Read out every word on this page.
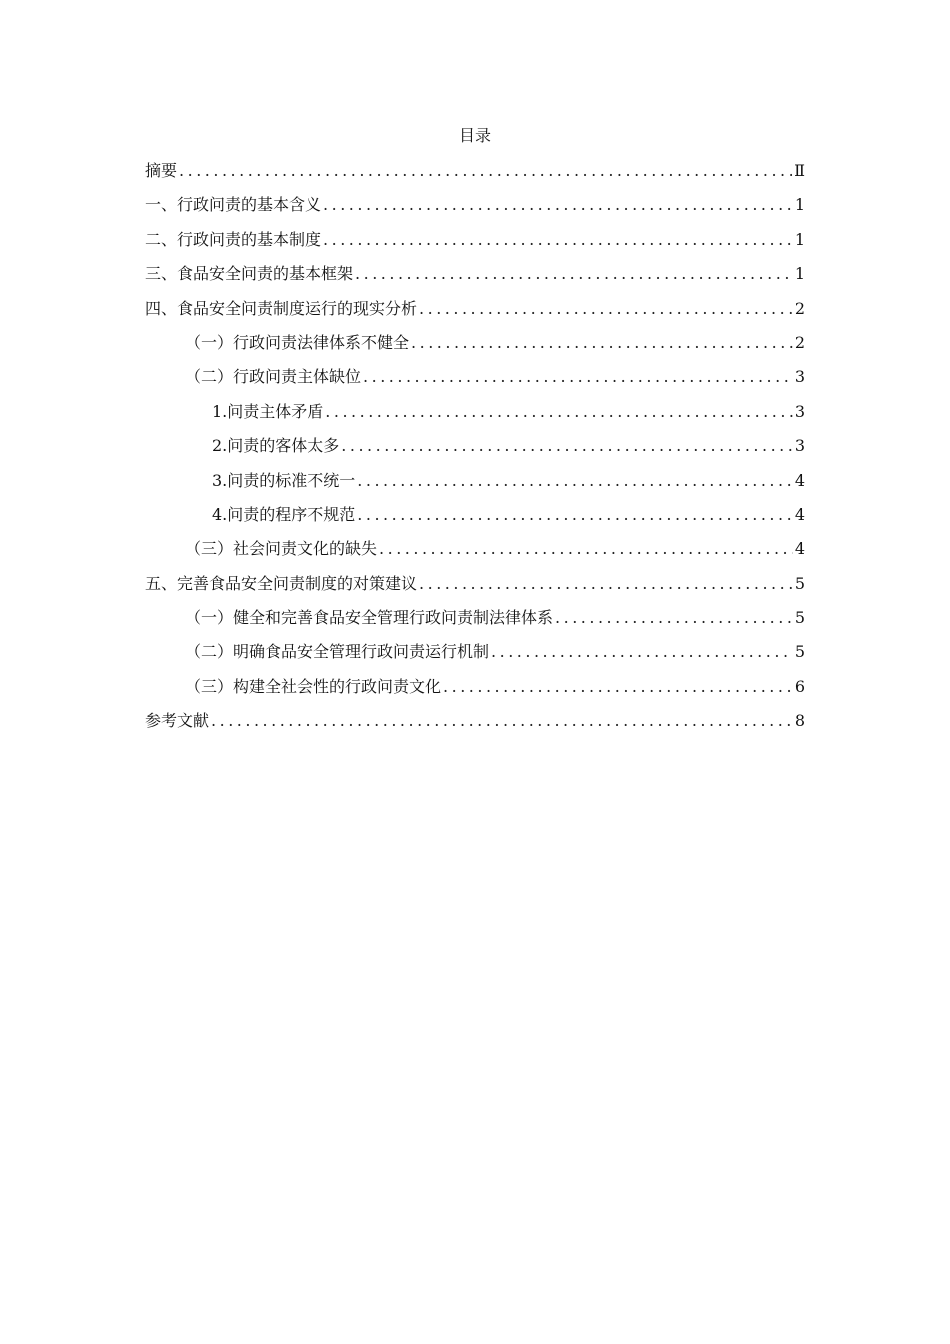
目录
摘要 .....	Ⅱ
一、行政问责的基本含义 .....	1
二、行政问责的基本制度 .....	1
三、食品安全问责的基本框架 .....	1
四、食品安全问责制度运行的现实分析 .....	2
（一）行政问责法律体系不健全 .....	2
（二）行政问责主体缺位 .....	3
1.问责主体矛盾 .....	3
2.问责的客体太多 .....	3
3.问责的标准不统一 .....	4
4.问责的程序不规范 .....	4
（三）社会问责文化的缺失 .....	4
五、完善食品安全问责制度的对策建议 .....	5
（一）健全和完善食品安全管理行政问责制法律体系 .....	5
（二）明确食品安全管理行政问责运行机制 .....	5
（三）构建全社会性的行政问责文化 .....	6
参考文献 .....	8
